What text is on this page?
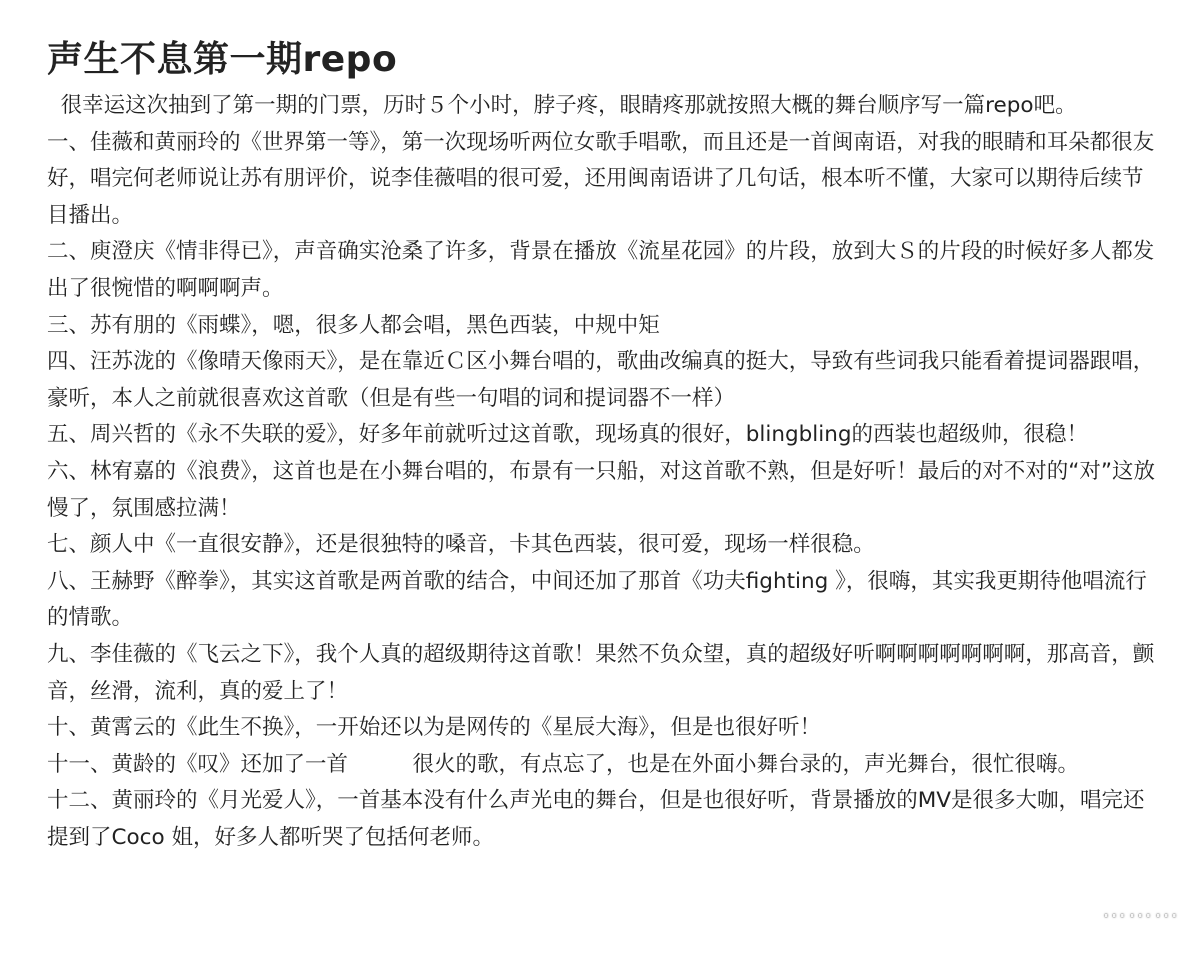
声生不息第一期repo

很幸运这次抽到了第一期的门票，历时５个小时，脖子疼，眼睛疼那就按照大概的舞台顺序写一篇repo吧。

一、佳薇和黄丽玲的《世界第一等》，第一次现场听两位女歌手唱歌，而且还是一首闽南语，对我的眼睛和耳朵都很友好，唱完何老师说让苏有朋评价，说李佳薇唱的很可爱，还用闽南语讲了几句话，根本听不懂，大家可以期待后续节目播出。

二、庾澄庆《情非得已》，声音确实沧桑了许多，背景在播放《流星花园》的片段，放到大Ｓ的片段的时候好多人都发出了很惋惜的啊啊啊声。

三、苏有朋的《雨蝶》，嗯，很多人都会唱，黑色西装，中规中矩

四、汪苏泷的《像晴天像雨天》，是在靠近Ｃ区小舞台唱的，歌曲改编真的挺大，导致有些词我只能看着提词器跟唱，豪听，本人之前就很喜欢这首歌（但是有些一句唱的词和提词器不一样）

五、周兴哲的《永不失联的爱》，好多年前就听过这首歌，现场真的很好，blingbling的西装也超级帅，很稳！

六、林宥嘉的《浪费》，这首也是在小舞台唱的，布景有一只船，对这首歌不熟，但是好听！最后的对不对的“对”这放慢了，氛围感拉满！

七、颜人中《一直很安静》，还是很独特的嗓音，卡其色西装，很可爱，现场一样很稳。

八、王赫野《醉拳》，其实这首歌是两首歌的结合，中间还加了那首《功夫fighting 》，很嗨，其实我更期待他唱流行的情歌。

九、李佳薇的《飞云之下》，我个人真的超级期待这首歌！果然不负众望，真的超级好听啊啊啊啊啊啊啊，那高音，颤音，丝滑，流利，真的爱上了！

十、黄霄云的《此生不换》，一开始还以为是网传的《星辰大海》，但是也很好听！

十一、黄龄的《叹》还加了一首　　　很火的歌，有点忘了，也是在外面小舞台录的，声光舞台，很忙很嗨。

十二、黄丽玲的《月光爱人》，一首基本没有什么声光电的舞台，但是也很好听，背景播放的MV是很多大咖，唱完还提到了Coco 姐，好多人都听哭了包括何老师。

⋯⋯⋯
